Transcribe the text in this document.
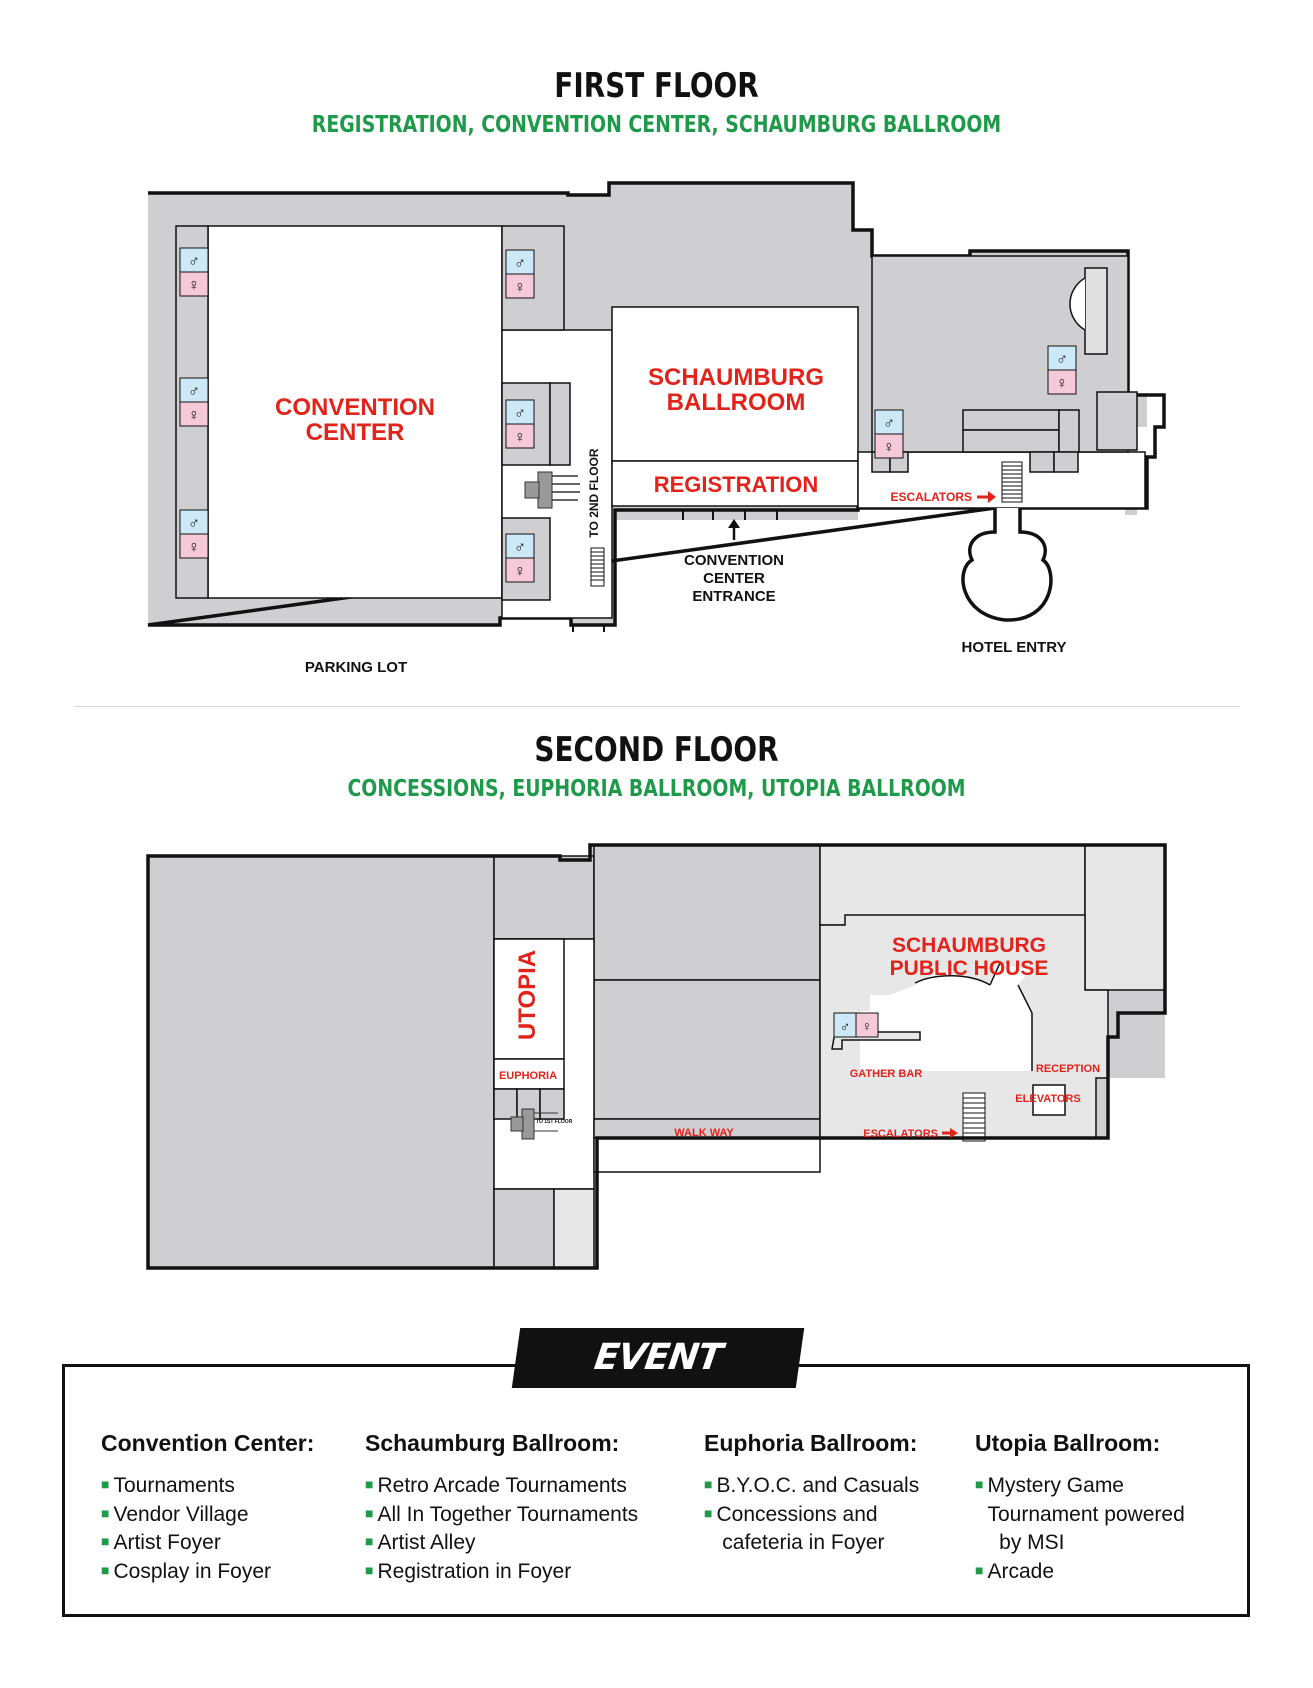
FIRST FLOOR
REGISTRATION, CONVENTION CENTER, SCHAUMBURG BALLROOM
♂
♀
♂
♀
♂
♀
♂
♀
♂
♀
♂
♀
♂
♀
♂
♀
CONVENTION
CENTER
SCHAUMBURG
BALLROOM
REGISTRATION
TO 2ND FLOOR
CONVENTION
CENTER
ENTRANCE
ESCALATORS
HOTEL ENTRY
PARKING LOT
SECOND FLOOR
CONCESSIONS, EUPHORIA BALLROOM, UTOPIA BALLROOM
♂ ♀
UTOPIA
EUPHORIA
SCHAUMBURG
PUBLIC HOUSE
GATHER BAR	RECEPTION
ELEVATORS
ESCALATORS
WALK WAY
TO 1ST FLOOR
EVENT SPACES!
Convention Center:
■ Tournaments
■ Vendor Village
■ Artist Foyer
■ Cosplay in Foyer
Schaumburg Ballroom:
■ Retro Arcade Tournaments
■ All In Together Tournaments
■ Artist Alley
■ Registration in Foyer
Euphoria Ballroom:
■ B.Y.O.C. and Casuals
■ Concessions and
cafeteria in Foyer
Utopia Ballroom:
■ Mystery Game
Tournament powered
by MSI
■ Arcade
